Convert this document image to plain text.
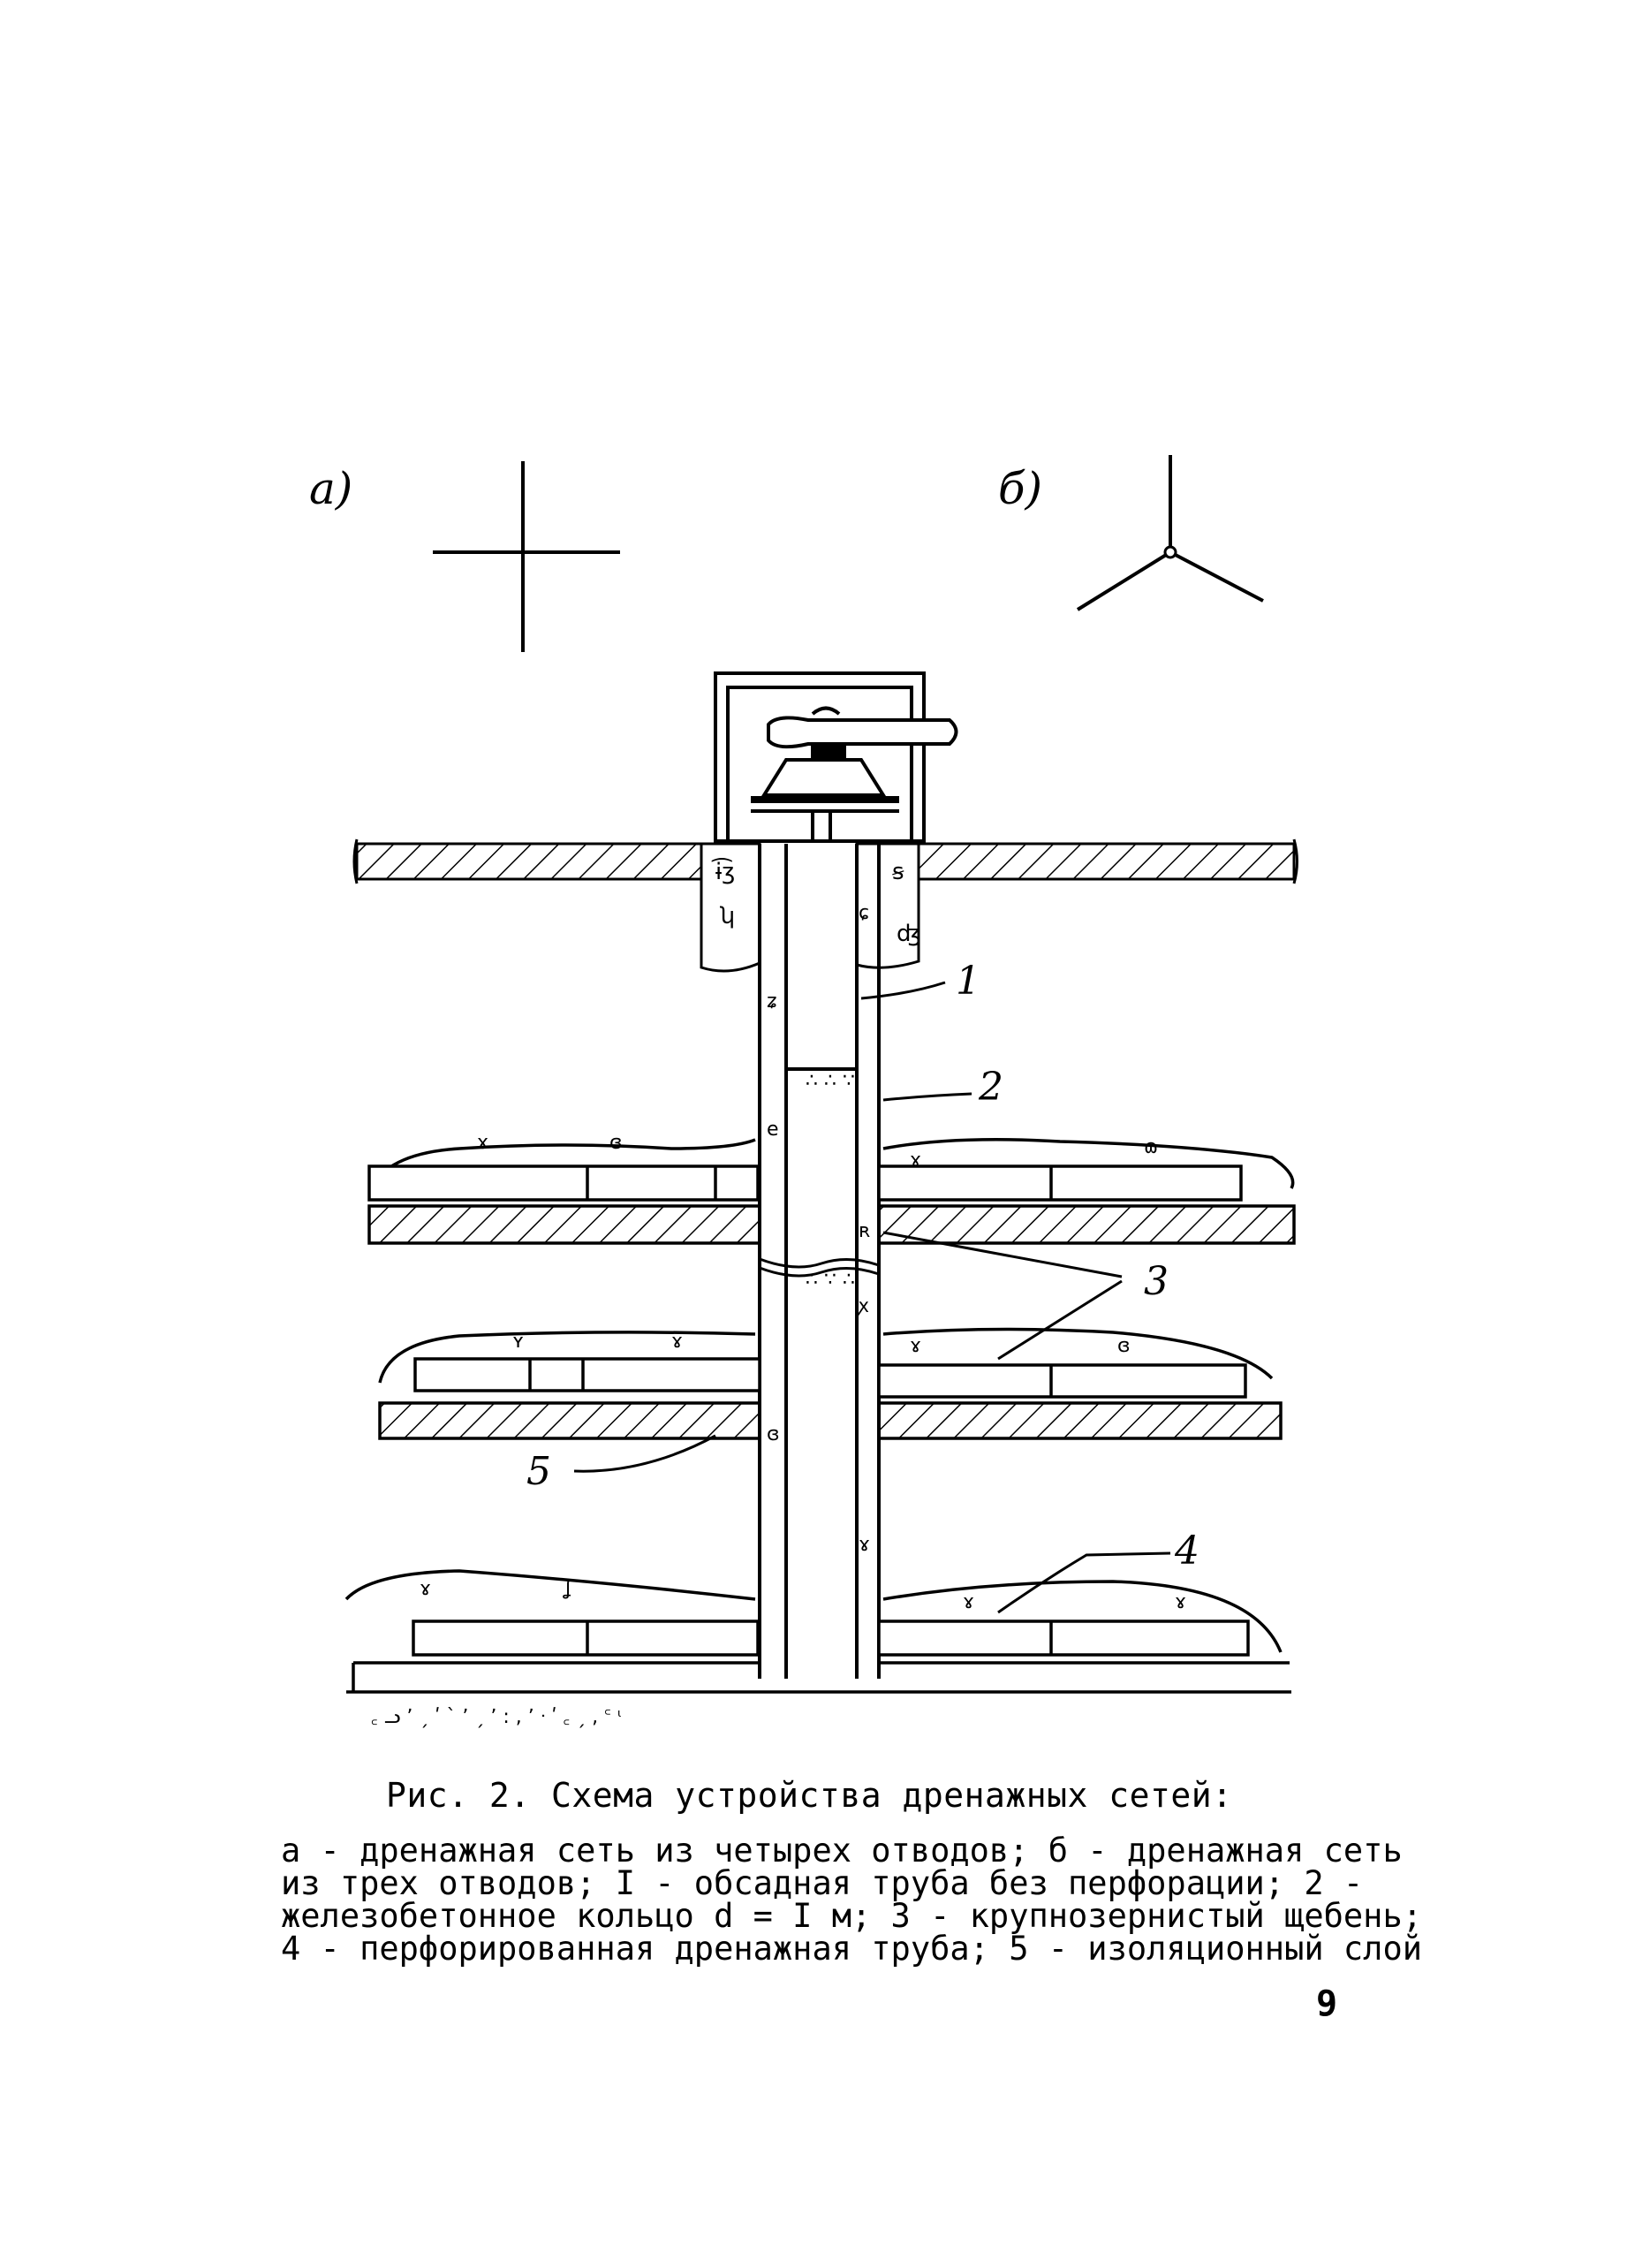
а)	б)
ɨ͡ʒ
ʮ
ꞩ
ʤ
∴ ∴ ∵
∴ ∵ ∴
ʑ
e
ɕ
ʀ
ꭗ
ɞ
ɤ
꜀ ᓗ ʼ ˏ ʹ ˋ ʼ ˏ ʼ ꞉ , ʼ ᐧ ʹ ꜀ ˏ , ꜂ ᶥ
ɤ	ɞ
ɤ
ɷ
ʏ	ɤ	ɤ	ɞ
ɤ	ʆ
ɤ	ɤ
1
2
3
4
5
Рис. 2. Схема устройства дренажных сетей:
а - дренажная сеть из четырех отводов; б - дренажная сеть
из трех отводов; I - обсадная труба без перфорации; 2 -
железобетонное кольцо d = I м; 3 - крупнозернистый щебень;
4 - перфорированная дренажная труба; 5 - изоляционный слой
9
